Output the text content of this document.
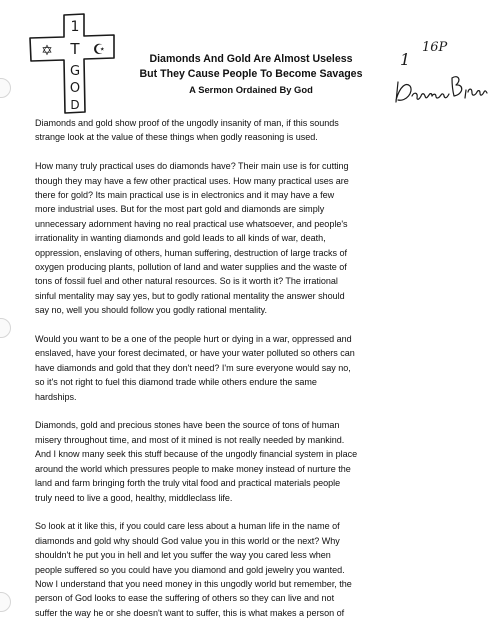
1
T
G
O
D
✡	☪
Diamonds And Gold Are Almost Useless
But They Cause People To Become Savages
A Sermon Ordained By God
16P
1
Diamonds and gold show proof of the ungodly insanity of man, if this sounds
strange look at the value of these things when godly reasoning is used.
How many truly practical uses do diamonds have? Their main use is for cutting
though they may have a few other practical uses. How many practical uses are
there for gold? Its main practical use is in electronics and it may have a few
more industrial uses. But for the most part gold and diamonds are simply
unnecessary adornment having no real practical use whatsoever, and people's
irrationality in wanting diamonds and gold leads to all kinds of war, death,
oppression, enslaving of others, human suffering, destruction of large tracks of
oxygen producing plants, pollution of land and water supplies and the waste of
tons of fossil fuel and other natural resources. So is it worth it? The irrational
sinful mentality may say yes, but to godly rational mentality the answer should
say no, well you should follow you godly rational mentality.
Would you want to be a one of the people hurt or dying in a war, oppressed and
enslaved, have your forest decimated, or have your water polluted so others can
have diamonds and gold that they don't need? I'm sure everyone would say no,
so it's not right to fuel this diamond trade while others endure the same
hardships.
Diamonds, gold and precious stones have been the source of tons of human
misery throughout time, and most of it mined is not really needed by mankind.
And I know many seek this stuff because of the ungodly financial system in place
around the world which pressures people to make money instead of nurture the
land and farm bringing forth the truly vital food and practical materials people
truly need to live a good, healthy, middleclass life.
So look at it like this, if you could care less about a human life in the name of
diamonds and gold why should God value you in this world or the next? Why
shouldn't he put you in hell and let you suffer the way you cared less when
people suffered so you could have you diamond and gold jewelry you wanted.
Now I understand that you need money in this ungodly world but remember, the
person of God looks to ease the suffering of others so they can live and not
suffer the way he or she doesn't want to suffer, this is what makes a person of
